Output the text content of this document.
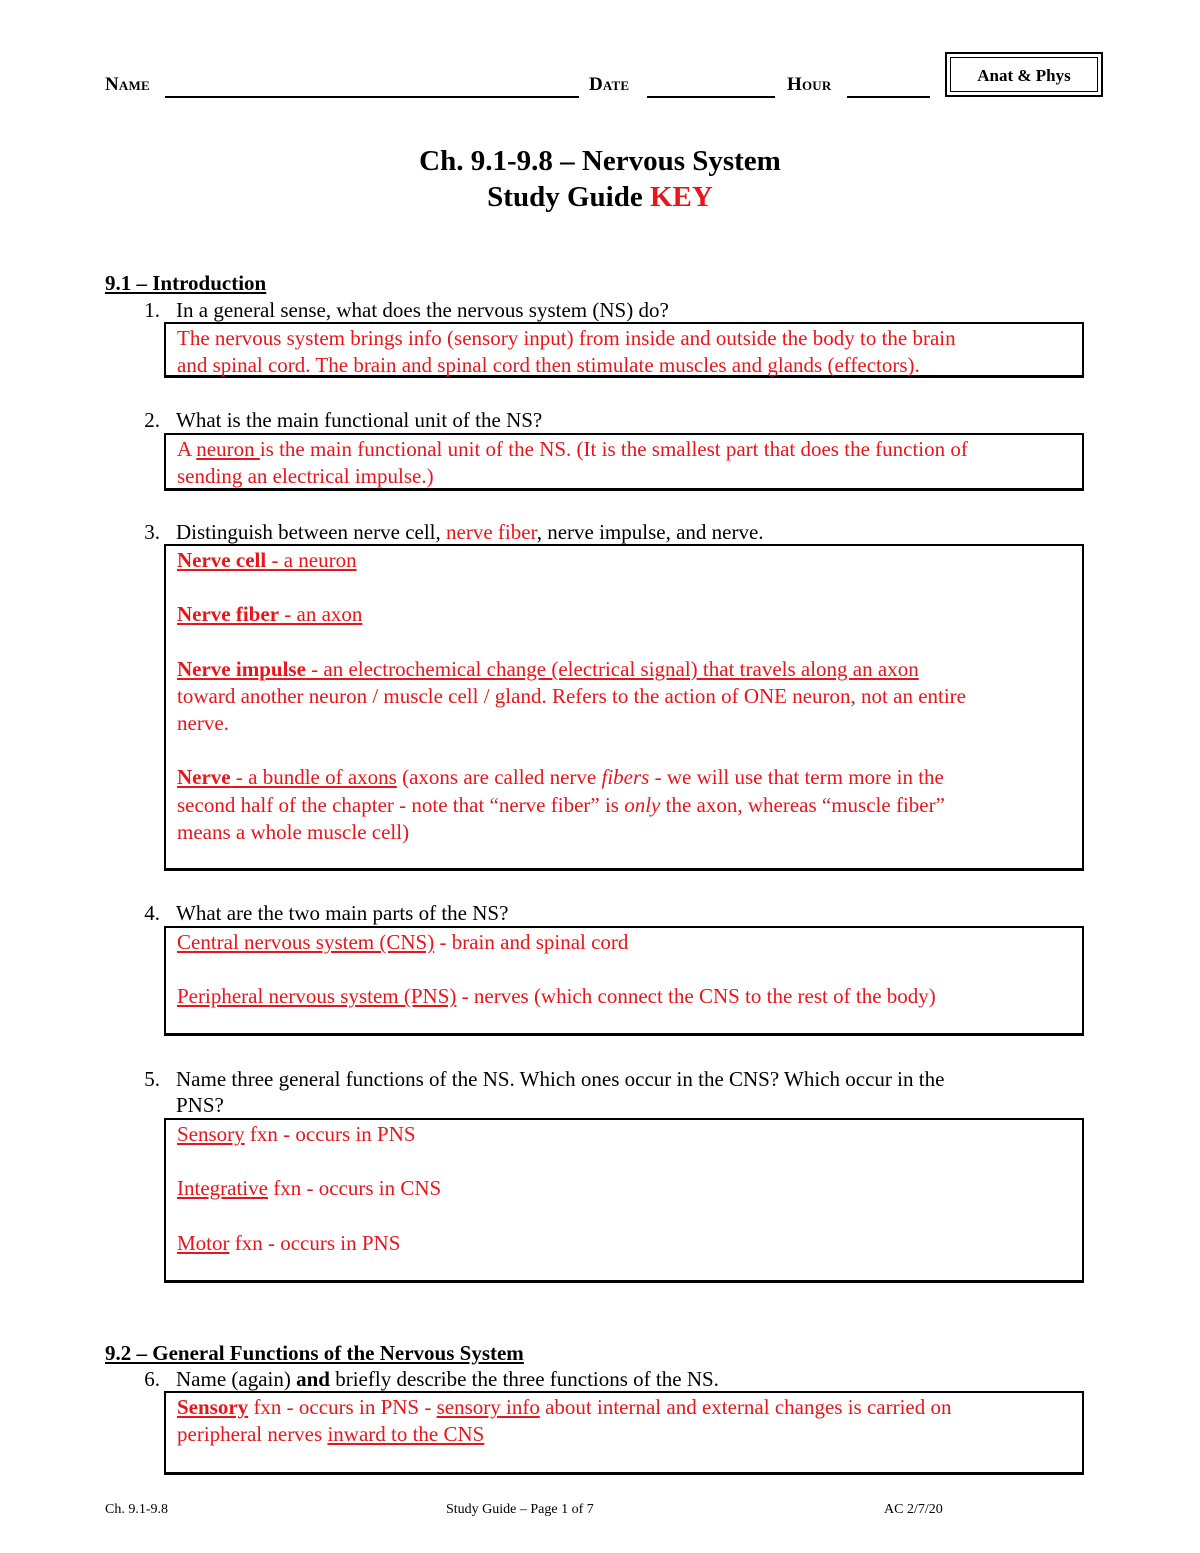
Name	Date	Hour	Anat & Phys
Ch. 9.1-9.8 – Nervous System
Study Guide KEY
9.1 – Introduction
1. In a general sense, what does the nervous system (NS) do?

The nervous system brings info (sensory input) from inside and outside the body to the brain

and spinal cord. The brain and spinal cord then stimulate muscles and glands (effectors).

2. What is the main functional unit of the NS?

A neuron is the main functional unit of the NS. (It is the smallest part that does the function of

sending an electrical impulse.)

3. Distinguish between nerve cell, nerve fiber, nerve impulse, and nerve.

Nerve cell - a neuron

Nerve fiber - an axon

Nerve impulse - an electrochemical change (electrical signal) that travels along an axon

toward another neuron / muscle cell / gland. Refers to the action of ONE neuron, not an entire

nerve.

Nerve - a bundle of axons (axons are called nerve fibers - we will use that term more in the

second half of the chapter - note that “nerve fiber” is only the axon, whereas “muscle fiber”

means a whole muscle cell)

4. What are the two main parts of the NS?

Central nervous system (CNS) - brain and spinal cord

Peripheral nervous system (PNS) - nerves (which connect the CNS to the rest of the body)

5. Name three general functions of the NS. Which ones occur in the CNS? Which occur in the
PNS?

Sensory fxn - occurs in PNS

Integrative fxn - occurs in CNS

Motor fxn - occurs in PNS

9.2 – General Functions of the Nervous System
6. Name (again) and briefly describe the three functions of the NS.

Sensory fxn - occurs in PNS - sensory info about internal and external changes is carried on

peripheral nerves inward to the CNS

Ch. 9.1-9.8	Study Guide – Page 1 of 7	AC 2/7/20
